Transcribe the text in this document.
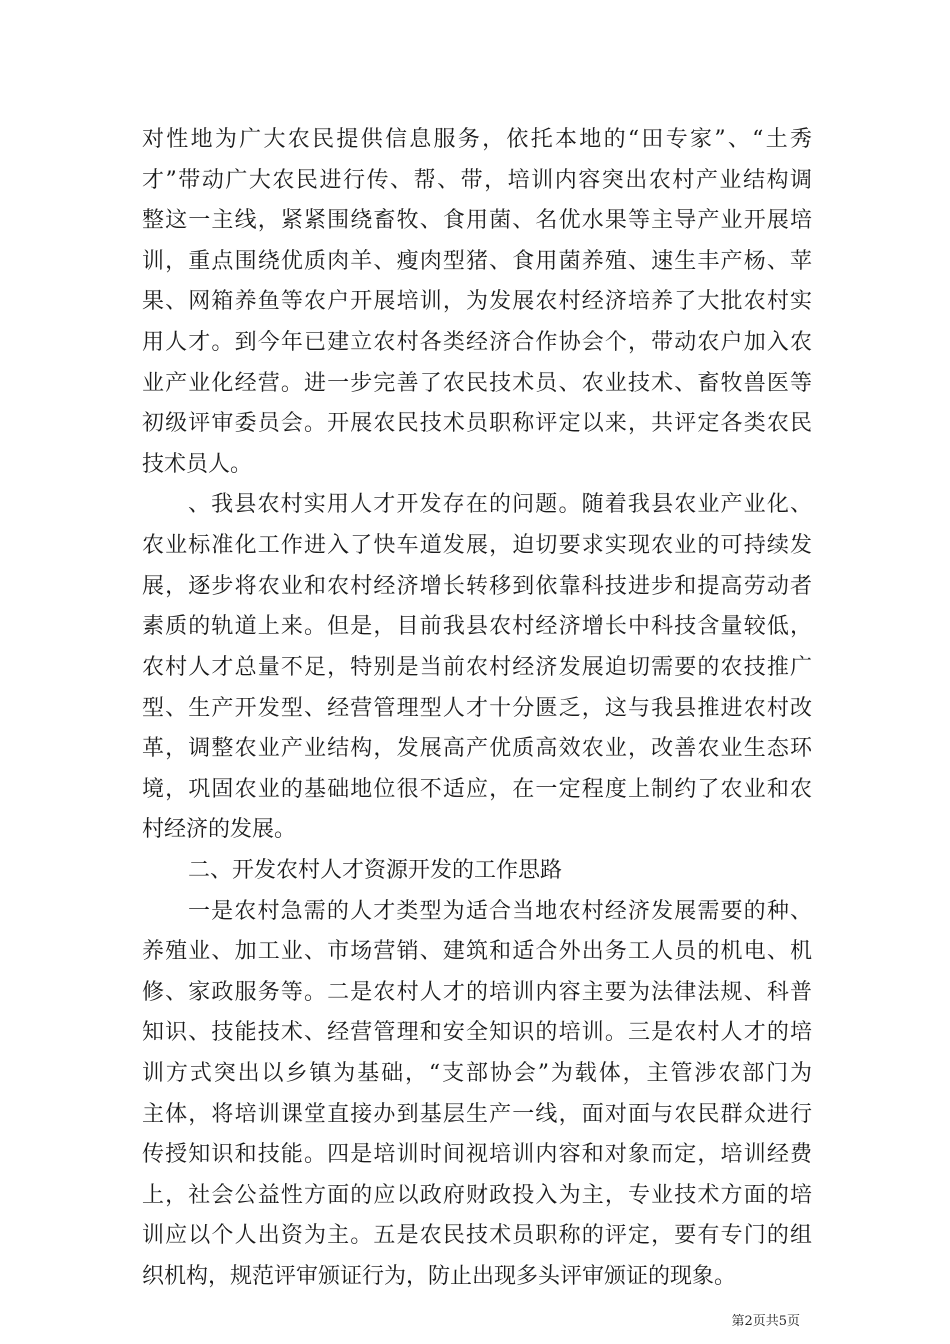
对性地为广大农民提供信息服务，依托本地的“田专家”、“土秀
才”带动广大农民进行传、帮、带，培训内容突出农村产业结构调
整这一主线，紧紧围绕畜牧、食用菌、名优水果等主导产业开展培
训，重点围绕优质肉羊、瘦肉型猪、食用菌养殖、速生丰产杨、苹
果、网箱养鱼等农户开展培训，为发展农村经济培养了大批农村实
用人才。到今年已建立农村各类经济合作协会个，带动农户加入农
业产业化经营。进一步完善了农民技术员、农业技术、畜牧兽医等
初级评审委员会。开展农民技术员职称评定以来，共评定各类农民
技术员人。
、我县农村实用人才开发存在的问题。随着我县农业产业化、
农业标准化工作进入了快车道发展，迫切要求实现农业的可持续发
展，逐步将农业和农村经济增长转移到依靠科技进步和提高劳动者
素质的轨道上来。但是，目前我县农村经济增长中科技含量较低，
农村人才总量不足，特别是当前农村经济发展迫切需要的农技推广
型、生产开发型、经营管理型人才十分匮乏，这与我县推进农村改
革，调整农业产业结构，发展高产优质高效农业，改善农业生态环
境，巩固农业的基础地位很不适应，在一定程度上制约了农业和农
村经济的发展。
二、开发农村人才资源开发的工作思路
一是农村急需的人才类型为适合当地农村经济发展需要的种、
养殖业、加工业、市场营销、建筑和适合外出务工人员的机电、机
修、家政服务等。二是农村人才的培训内容主要为法律法规、科普
知识、技能技术、经营管理和安全知识的培训。三是农村人才的培
训方式突出以乡镇为基础，“支部协会”为载体，主管涉农部门为
主体，将培训课堂直接办到基层生产一线，面对面与农民群众进行
传授知识和技能。四是培训时间视培训内容和对象而定，培训经费
上，社会公益性方面的应以政府财政投入为主，专业技术方面的培
训应以个人出资为主。五是农民技术员职称的评定，要有专门的组
织机构，规范评审颁证行为，防止出现多头评审颁证的现象。
第2页共5页
